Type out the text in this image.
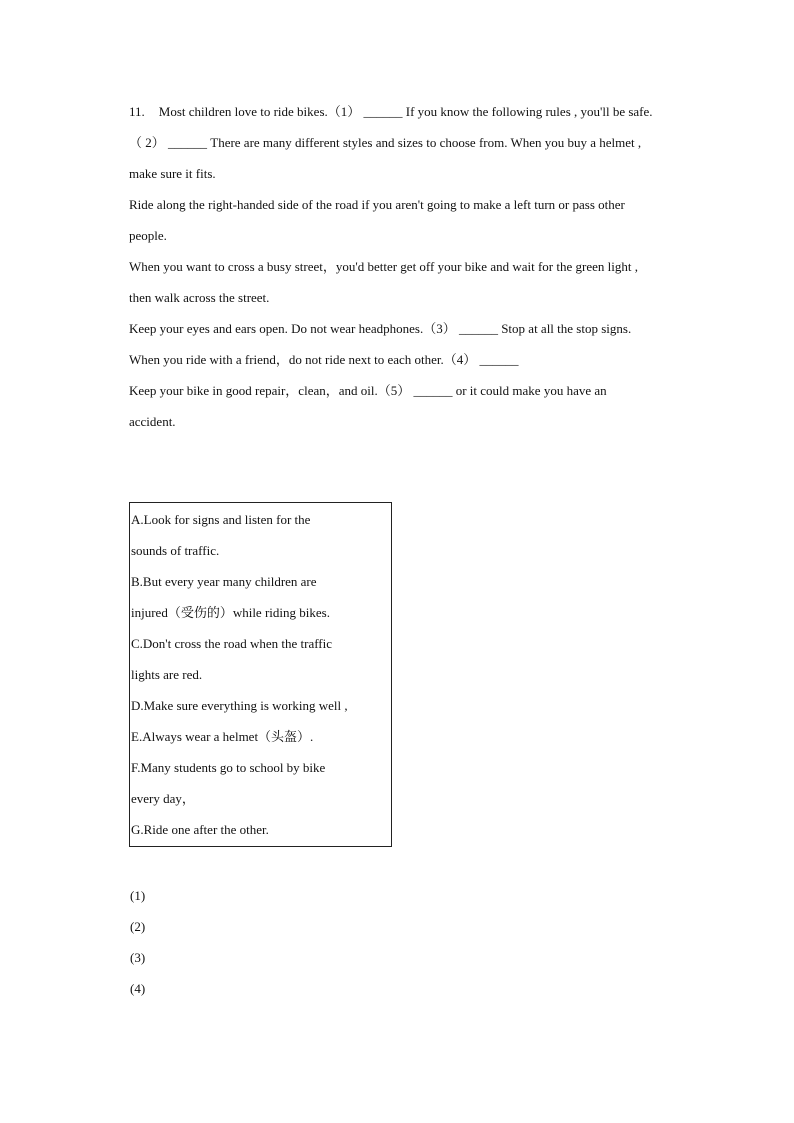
11. Most children love to ride bikes.（1） ______ If you know the following rules , you'll be safe.
（ 2） ______ There are many different styles and sizes to choose from. When you buy a helmet ,
make sure it fits.
Ride along the right-handed side of the road if you aren't going to make a left turn or pass other
people.
When you want to cross a busy street，you'd better get off your bike and wait for the green light ,
then walk across the street.
Keep your eyes and ears open. Do not wear headphones.（3） ______ Stop at all the stop signs.
When you ride with a friend，do not ride next to each other.（4） ______
Keep your bike in good repair，clean，and oil.（5） ______ or it could make you have an
accident.
A.Look for signs and listen for the
sounds of traffic.
B.But every year many children are
injured（受伤的）while riding bikes.
C.Don't cross the road when the traffic
lights are red.
D.Make sure everything is working well ,
E.Always wear a helmet（头盔）.
F.Many students go to school by bike
every day，
G.Ride one after the other.
(1)
(2)
(3)
(4)
